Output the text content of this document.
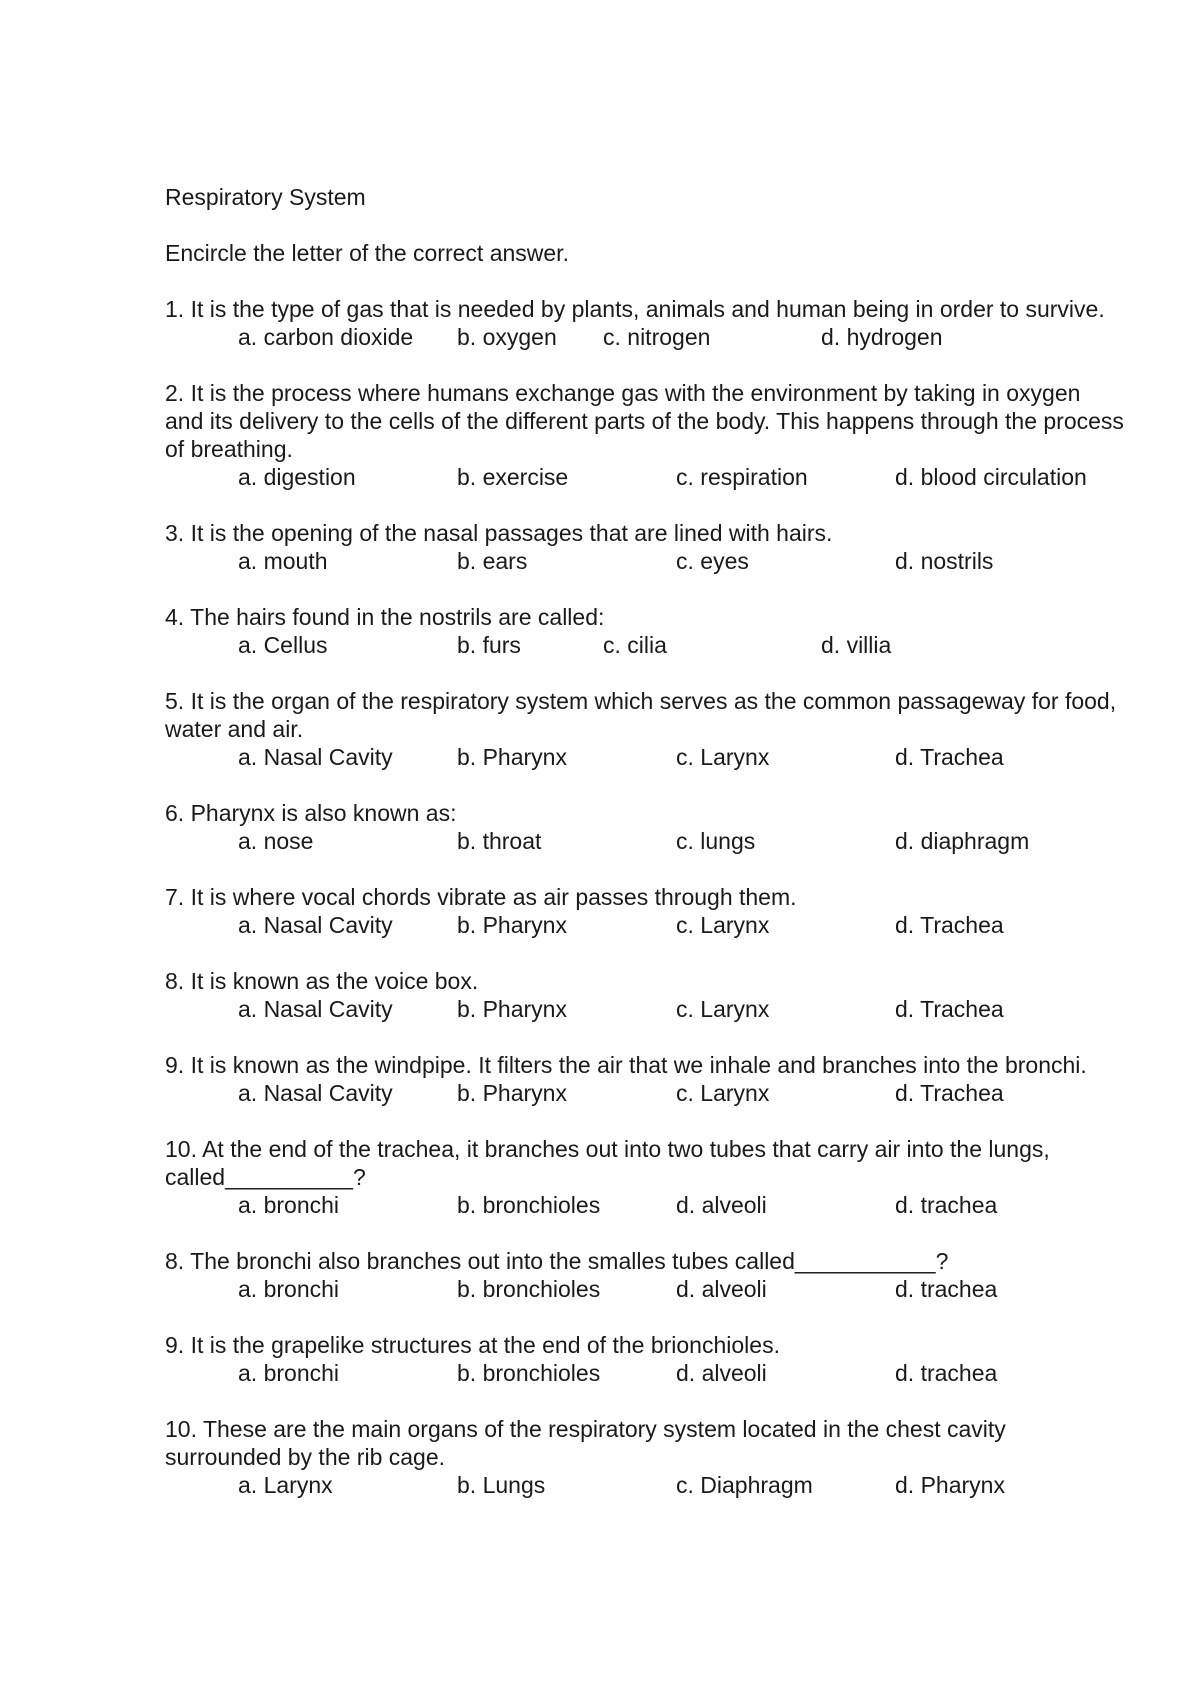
Respiratory System

Encircle the letter of the correct answer.

1. It is the type of gas that is needed by plants, animals and human being in order to survive.

a. carbon dioxide b. oxygen c. nitrogen	d. hydrogen

2. It is the process where humans exchange gas with the environment by taking in oxygen and its delivery to the cells of the different parts of the body. This happens through the process of breathing.

a. digestion	b. exercise	c. respiration	d. blood circulation

3. It is the opening of the nasal passages that are lined with hairs.

a. mouth	b. ears	c. eyes	d. nostrils

4. The hairs found in the nostrils are called:

a. Cellus	b. furs	c. cilia	d. villia

5. It is the organ of the respiratory system which serves as the common passageway for food, water and air.

a. Nasal Cavity	b. Pharynx	c. Larynx	d. Trachea

6. Pharynx is also known as:

a. nose	b. throat	c. lungs	d. diaphragm

7. It is where vocal chords vibrate as air passes through them.

a. Nasal Cavity	b. Pharynx	c. Larynx	d. Trachea

8. It is known as the voice box.

a. Nasal Cavity	b. Pharynx	c. Larynx	d. Trachea

9. It is known as the windpipe. It filters the air that we inhale and branches into the bronchi.

a. Nasal Cavity	b. Pharynx	c. Larynx	d. Trachea

10. At the end of the trachea, it branches out into two tubes that carry air into the lungs, called__________?

a. bronchi	b. bronchioles	d. alveoli	d. trachea

8. The bronchi also branches out into the smalles tubes called___________?

a. bronchi	b. bronchioles	d. alveoli	d. trachea

9. It is the grapelike structures at the end of the brionchioles.

a. bronchi	b. bronchioles	d. alveoli	d. trachea

10. These are the main organs of the respiratory system located in the chest cavity surrounded by the rib cage.

a. Larynx	b. Lungs	c. Diaphragm	d. Pharynx
